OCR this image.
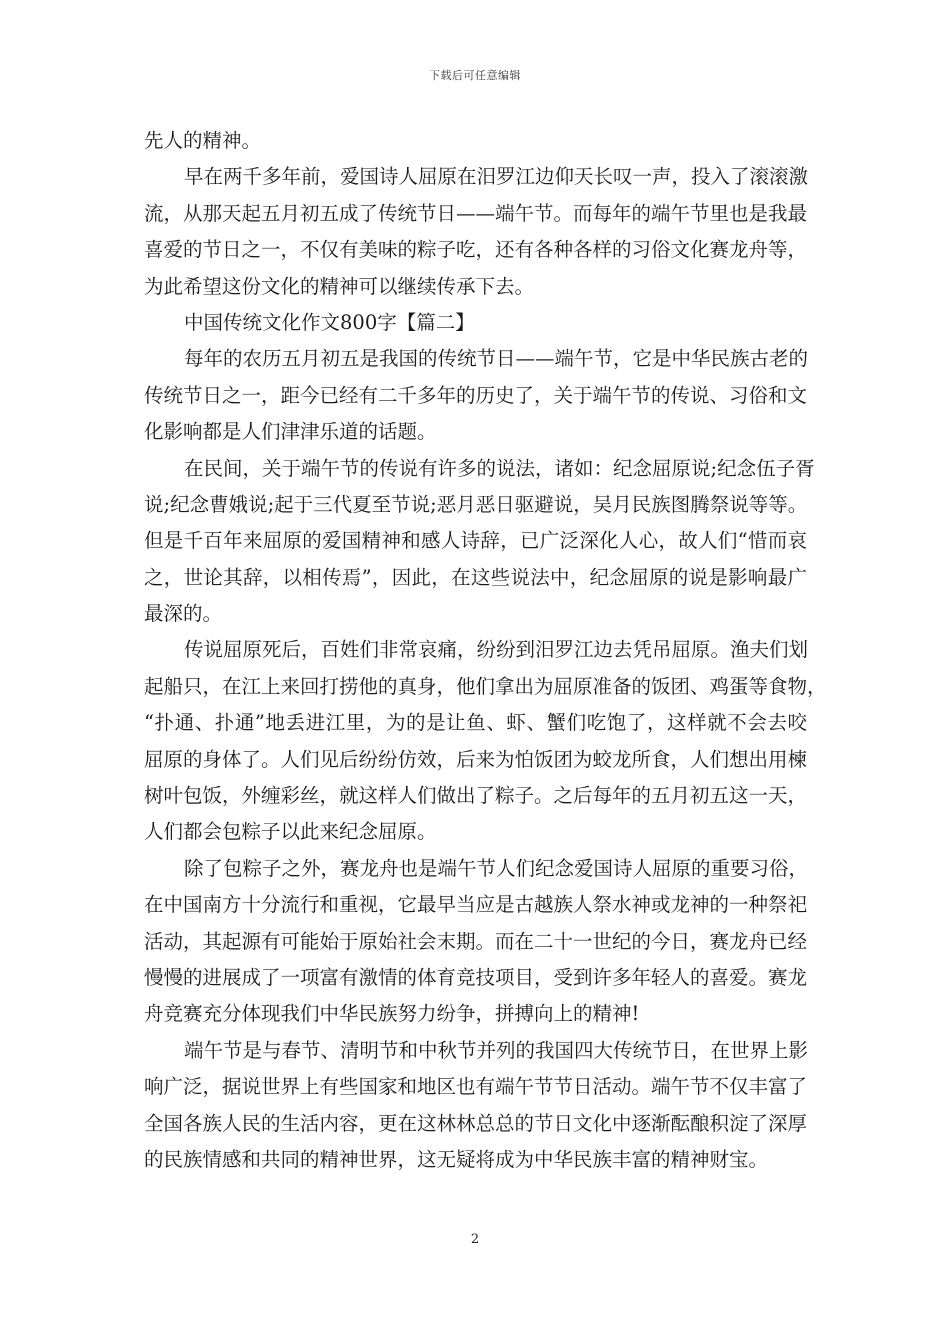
下载后可任意编辑
先人的精神。
早在两千多年前，爱国诗人屈原在汨罗江边仰天长叹一声，投入了滚滚激
流，从那天起五月初五成了传统节日——端午节。而每年的端午节里也是我最
喜爱的节日之一，不仅有美味的粽子吃，还有各种各样的习俗文化赛龙舟等，
为此希望这份文化的精神可以继续传承下去。
中国传统文化作文800字【篇二】
每年的农历五月初五是我国的传统节日——端午节，它是中华民族古老的
传统节日之一，距今已经有二千多年的历史了，关于端午节的传说、习俗和文
化影响都是人们津津乐道的话题。
在民间，关于端午节的传说有许多的说法，诸如：纪念屈原说;纪念伍子胥
说;纪念曹娥说;起于三代夏至节说;恶月恶日驱避说，吴月民族图腾祭说等等。
但是千百年来屈原的爱国精神和感人诗辞，已广泛深化人心，故人们“惜而哀
之，世论其辞，以相传焉”，因此，在这些说法中，纪念屈原的说是影响最广
最深的。
传说屈原死后，百姓们非常哀痛，纷纷到汨罗江边去凭吊屈原。渔夫们划
起船只，在江上来回打捞他的真身，他们拿出为屈原准备的饭团、鸡蛋等食物，
“扑通、扑通”地丢进江里，为的是让鱼、虾、蟹们吃饱了，这样就不会去咬
屈原的身体了。人们见后纷纷仿效，后来为怕饭团为蛟龙所食，人们想出用楝
树叶包饭，外缠彩丝，就这样人们做出了粽子。之后每年的五月初五这一天，
人们都会包粽子以此来纪念屈原。
除了包粽子之外，赛龙舟也是端午节人们纪念爱国诗人屈原的重要习俗，
在中国南方十分流行和重视，它最早当应是古越族人祭水神或龙神的一种祭祀
活动，其起源有可能始于原始社会末期。而在二十一世纪的今日，赛龙舟已经
慢慢的进展成了一项富有激情的体育竞技项目，受到许多年轻人的喜爱。赛龙
舟竞赛充分体现我们中华民族努力纷争，拼搏向上的精神!
端午节是与春节、清明节和中秋节并列的我国四大传统节日，在世界上影
响广泛，据说世界上有些国家和地区也有端午节节日活动。端午节不仅丰富了
全国各族人民的生活内容，更在这林林总总的节日文化中逐渐酝酿积淀了深厚
的民族情感和共同的精神世界，这无疑将成为中华民族丰富的精神财宝。
2
